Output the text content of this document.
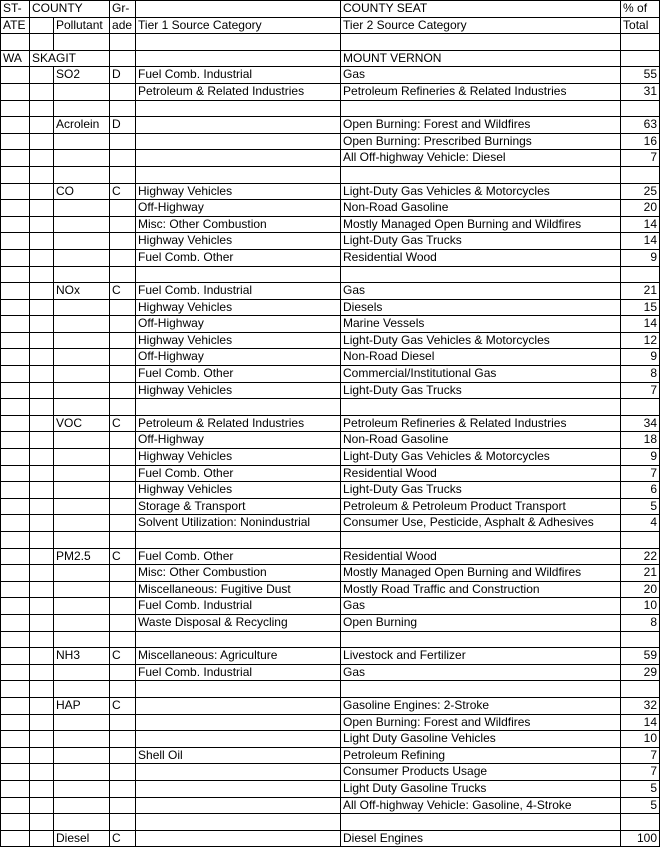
ST-	COUNTY		Gr-		COUNTY SEAT	% of
ATE		Pollutant	ade	Tier 1 Source Category	Tier 2 Source Category	Total

WA	SKAGIT				MOUNT VERNON	
		SO2	D	Fuel Comb. Industrial	Gas	55
				Petroleum & Related Industries	Petroleum Refineries & Related Industries	31

		Acrolein	D		Open Burning: Forest and Wildfires	63
					Open Burning: Prescribed Burnings	16
					All Off-highway Vehicle: Diesel	7

		CO	C	Highway Vehicles	Light-Duty Gas Vehicles & Motorcycles	25
				Off-Highway	Non-Road Gasoline	20
				Misc: Other Combustion	Mostly Managed Open Burning and Wildfires	14
				Highway Vehicles	Light-Duty Gas Trucks	14
				Fuel Comb. Other	Residential Wood	9

		NOx	C	Fuel Comb. Industrial	Gas	21
				Highway Vehicles	Diesels	15
				Off-Highway	Marine Vessels	14
				Highway Vehicles	Light-Duty Gas Vehicles & Motorcycles	12
				Off-Highway	Non-Road Diesel	9
				Fuel Comb. Other	Commercial/Institutional Gas	8
				Highway Vehicles	Light-Duty Gas Trucks	7

		VOC	C	Petroleum & Related Industries	Petroleum Refineries & Related Industries	34
				Off-Highway	Non-Road Gasoline	18
				Highway Vehicles	Light-Duty Gas Vehicles & Motorcycles	9
				Fuel Comb. Other	Residential Wood	7
				Highway Vehicles	Light-Duty Gas Trucks	6
				Storage & Transport	Petroleum & Petroleum Product Transport	5
				Solvent Utilization: Nonindustrial	Consumer Use, Pesticide, Asphalt & Adhesives	4

		PM2.5	C	Fuel Comb. Other	Residential Wood	22
				Misc: Other Combustion	Mostly Managed Open Burning and Wildfires	21
				Miscellaneous: Fugitive Dust	Mostly Road Traffic and Construction	20
				Fuel Comb. Industrial	Gas	10
				Waste Disposal & Recycling	Open Burning	8

		NH3	C	Miscellaneous: Agriculture	Livestock and Fertilizer	59
				Fuel Comb. Industrial	Gas	29

		HAP	C		Gasoline Engines: 2-Stroke	32
					Open Burning: Forest and Wildfires	14
					Light Duty Gasoline Vehicles	10
				Shell Oil	Petroleum Refining	7
					Consumer Products Usage	7
					Light Duty Gasoline Trucks	5
					All Off-highway Vehicle: Gasoline, 4-Stroke	5

		Diesel	C		Diesel Engines	100
